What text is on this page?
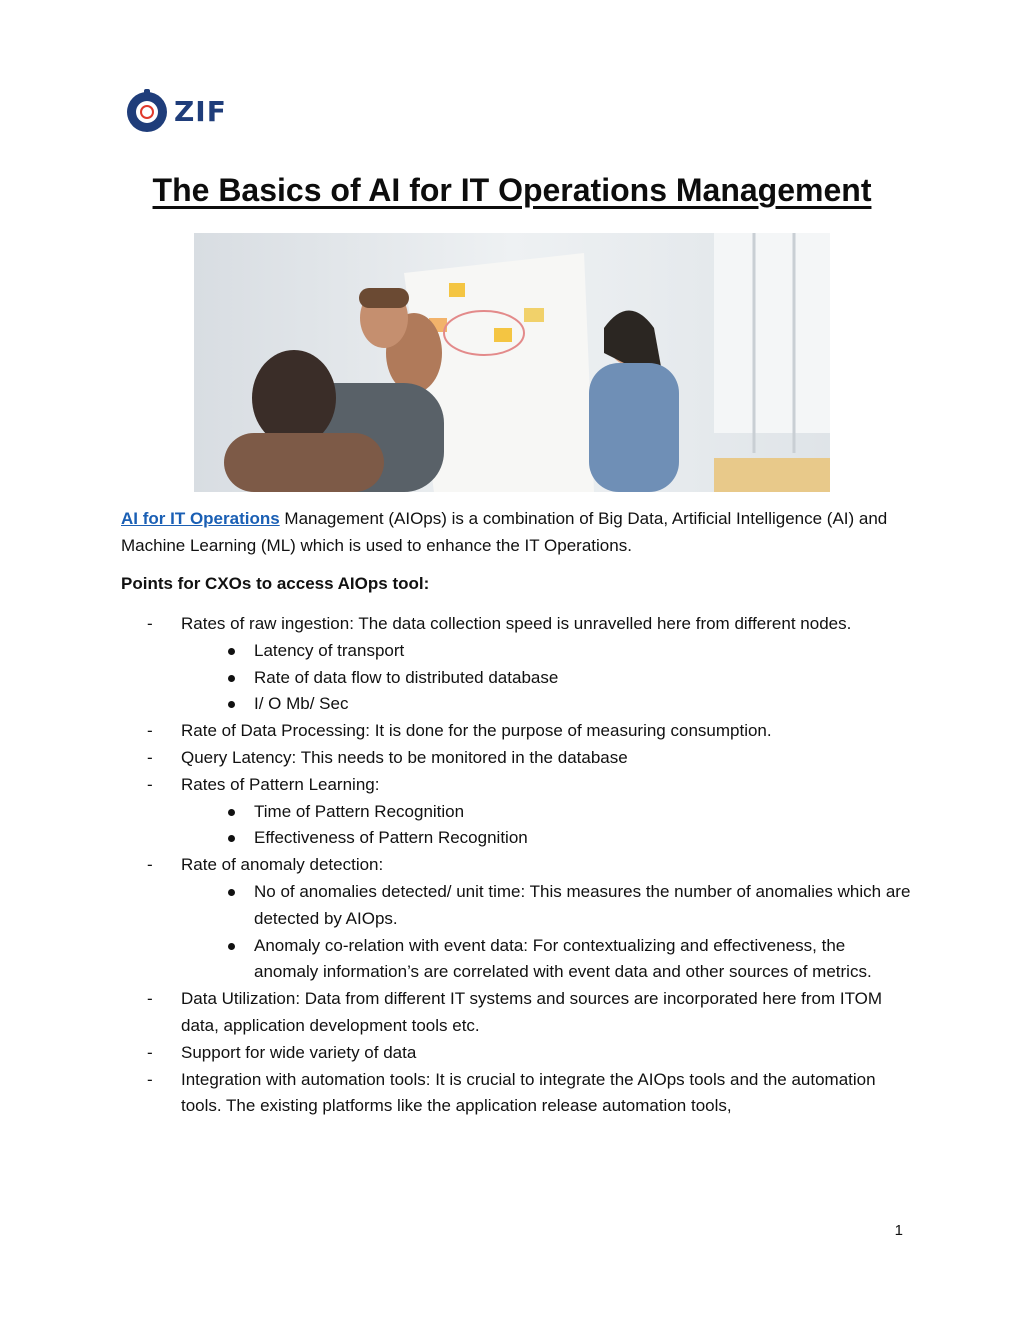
ZIF
The Basics of AI for IT Operations Management
AI for IT Operations Management (AIOps) is a combination of Big Data, Artificial Intelligence (AI) and Machine Learning (ML) which is used to enhance the IT Operations.
Points for CXOs to access AIOps tool:
- Rates of raw ingestion: The data collection speed is unravelled here from different nodes.
Latency of transport
Rate of data flow to distributed database
I/ O Mb/ Sec
- Rate of Data Processing: It is done for the purpose of measuring consumption.
- Query Latency: This needs to be monitored in the database
- Rates of Pattern Learning:
Time of Pattern Recognition
Effectiveness of Pattern Recognition
- Rate of anomaly detection:
No of anomalies detected/ unit time: This measures the number of anomalies which are detected by AIOps.
Anomaly co-relation with event data: For contextualizing and effectiveness, the anomaly information’s are correlated with event data and other sources of metrics.
- Data Utilization: Data from different IT systems and sources are incorporated here from ITOM data, application development tools etc.
- Support for wide variety of data
- Integration with automation tools: It is crucial to integrate the AIOps tools and the automation tools. The existing platforms like the application release automation tools,
1
